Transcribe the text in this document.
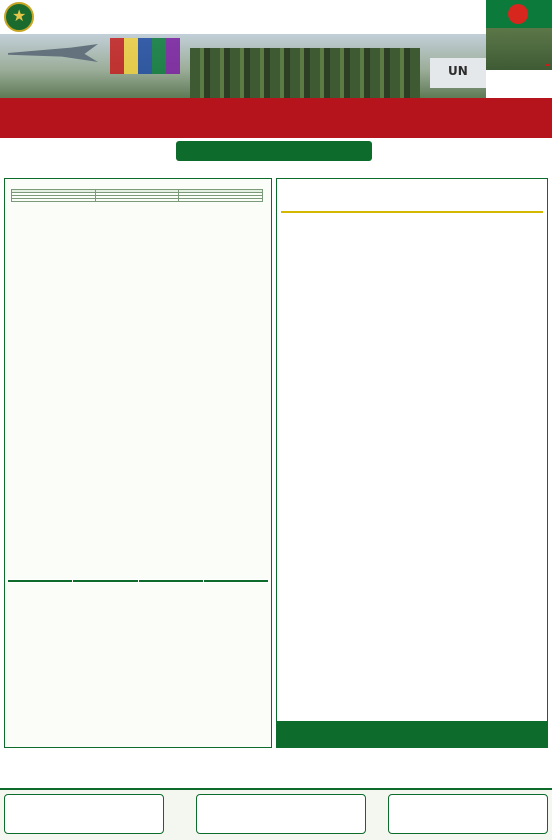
★
UN
